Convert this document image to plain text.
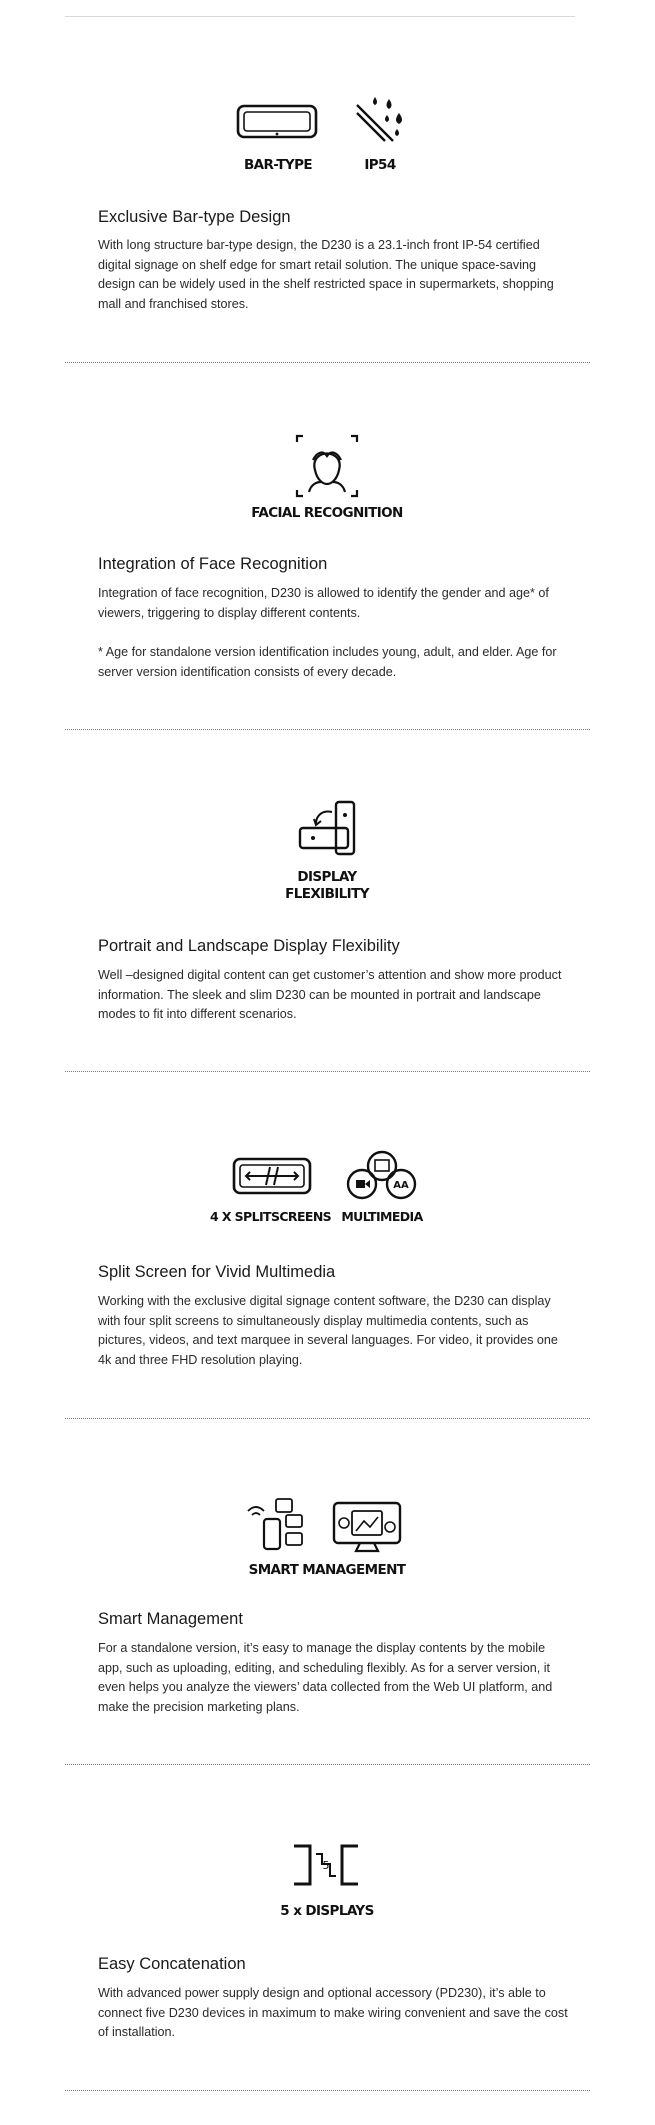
BAR-TYPE	IP54
Exclusive Bar-type Design

With long structure bar-type design, the D230 is a 23.1-inch front IP-54 certified digital signage on shelf edge for smart retail solution. The unique space-saving design can be widely used in the shelf restricted space in supermarkets, shopping mall and franchised stores.

FACIAL RECOGNITION
Integration of Face Recognition

Integration of face recognition, D230 is allowed to identify the gender and age* of viewers, triggering to display different contents.

* Age for standalone version identification includes young, adult, and elder. Age for server version identification consists of every decade.

DISPLAY FLEXIBILITY
Portrait and Landscape Display Flexibility

Well –designed digital content can get customer’s attention and show more product information. The sleek and slim D230 can be mounted in portrait and landscape modes to fit into different scenarios.

AA
4 X SPLITSCREENS MULTIMEDIA
Split Screen for Vivid Multimedia

Working with the exclusive digital signage content software, the D230 can display with four split screens to simultaneously display multimedia contents, such as pictures, videos, and text marquee in several languages. For video, it provides one 4k and three FHD resolution playing.

SMART MANAGEMENT
Smart Management

For a standalone version, it’s easy to manage the display contents by the mobile app, such as uploading, editing, and scheduling flexibly. As for a server version, it even helps you analyze the viewers’ data collected from the Web UI platform, and make the precision marketing plans.

5
5 x DISPLAYS
Easy Concatenation

With advanced power supply design and optional accessory (PD230), it’s able to connect five D230 devices in maximum to make wiring convenient and save the cost of installation.
